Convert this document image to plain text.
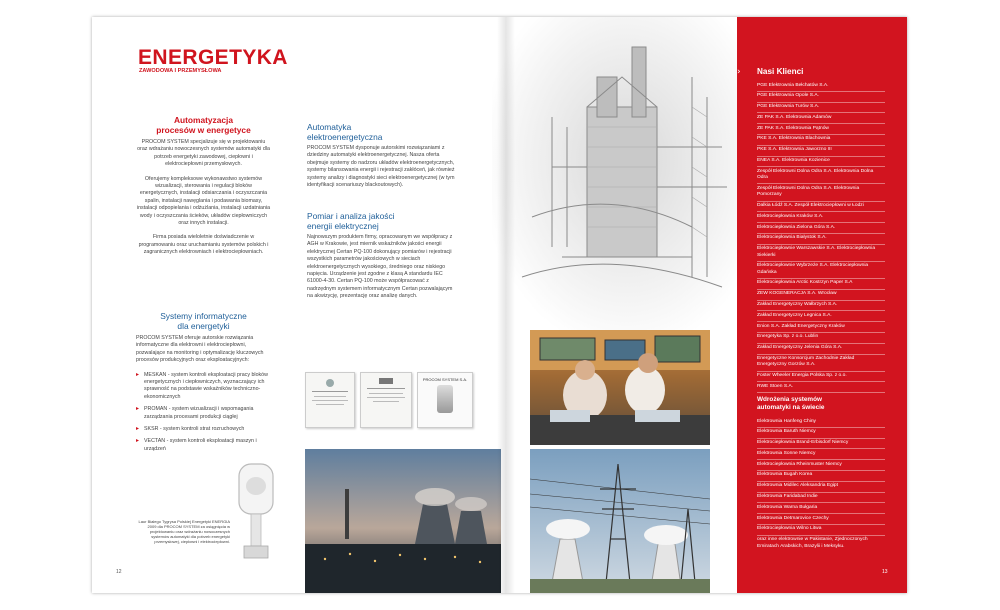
ENERGETYKA
ZAWODOWA I PRZEMYSŁOWA
Automatyzacja
procesów w energetyce

PROCOM SYSTEM specjalizuje się w projektowaniu oraz wdrażaniu nowoczesnych systemów automatyki dla potrzeb energetyki zawodowej, ciepłowni i elektrociepłowni przemysłowych.

Oferujemy kompleksowe wykonawstwo systemów wizualizacji, sterowania i regulacji bloków energetycznych, instalacji odsiarczania i oczyszczania spalin, instalacji nawęglania i podawania biomasy, instalacji odpopielania i odżużlania, instalacji uzdatniania wody i oczyszczania ścieków, układów ciepłowniczych oraz innych instalacji.

Firma posiada wieloletnie doświadczenie w programowaniu oraz uruchamianiu systemów polskich i zagranicznych elektrowniach i elektrociepłowniach.

Systemy informatyczne
dla energetyki

PROCOM SYSTEM oferuje autorskie rozwiązania informatyczne dla elektrowni i elektrociepłowni, pozwalające na monitoring i optymalizację kluczowych procesów produkcyjnych oraz eksploatacyjnych:

▸ MESKAN - system kontroli eksploatacji pracy bloków energetycznych i ciepłowniczych, wyznaczający ich sprawność na podstawie wskaźników techniczno-ekonomicznych
▸ PROMAN - system wizualizacji i wspomagania zarządzania procesami produkcji ciągłej
▸ SKSR - system kontroli strat rozruchowych
▸ VECTAN - system kontroli eksploatacji maszyn i urządzeń
Laur Białego Tygrysa Polskiej Energetyki ENERGIA 2009 dla PROCOM SYSTEM za osiągnięcia w projektowaniu oraz wdrażaniu nowoczesnych systemów automatyki dla potrzeb energetyki przemysłowej, ciepłowni i elektrociepłowni.
12
Automatyka
elektroenergetyczna
PROCOM SYSTEM dysponuje autorskimi rozwiązaniami z dziedziny automatyki elektroenergetycznej. Nasza oferta obejmuje systemy do nadzoru układów elektroenergetycznych, systemy bilansowania energii i rejestracji zakłóceń, jak również systemy analizy i diagnostyki sieci elektroenergetycznej (w tym identyfikacji scenariuszy blackoutowych).
Pomiar i analiza jakości
energii elektrycznej
Najnowszym produktem firmy, opracowanym we współpracy z AGH w Krakowie, jest miernik wskaźników jakości energii elektrycznej Certan PQ-100 dokonujący pomiarów i rejestracji wszystkich parametrów jakościowych w sieciach elektroenergetycznych wysokiego, średniego oraz niskiego napięcia. Urządzenie jest zgodne z klasą A standardu IEC 61000-4-30. Certan PQ-100 może współpracować z nadrzędnym systemem informatycznym Certan pozwalającym na akwizycję, prezentację oraz analizę danych.
PROCOM SYSTEM S.A.
› Nasi Klienci
PGE Elektrownia Bełchatów S.A.
PGE Elektrownia Opole S.A.
PGE Elektrownia Turów S.A.
ZE PAK S.A. Elektrownia Adamów
ZE PAK S.A. Elektrownia Pątnów
PKE S.A. Elektrownia Blachownia
PKE S.A. Elektrownia Jaworzno III
ENEA S.A. Elektrownia Kozienice
Zespół Elektrowni Dolna Odra S.A. Elektrownia Dolna Odra
Zespół Elektrowni Dolna Odra S.A. Elektrownia Pomorzany
Dalkia Łódź S.A. Zespół Elektrociepłowni w Łodzi
Elektrociepłownia Kraków S.A.
Elektrociepłownia Zielona Góra S.A.
Elektrociepłownia Białystok S.A.
Elektrociepłownie Warszawskie S.A. Elektrociepłownia Siekierki
Elektrociepłownie Wybrzeże S.A. Elektrociepłownia Gdańska
Elektrociepłownia Arctic Kostrzyn Paper S.A
ZEW KOGENERACJA S.A. Wrocław
Zakład Energetyczny Wałbrzych S.A.
Zakład Energetyczny Legnica S.A.
Enion S.A. Zakład Energetyczny Kraków
Energetyka Sp. z o.o. Lublin
Zakład Energetyczny Jelenia Góra S.A.
Energetyczne Konsorcjum Zachodnie Zakład Energetyczny Gorzów S.A.
Foster Wheeler Energia Polska Sp. z o.o.
RWE Stoen S.A.
Wdrożenia systemów
automatyki na świecie
Elektrownia Hanfeng Chiny
Elektrownia Baruth Niemcy
Elektrociepłownia Brand-Erbisdorf Niemcy
Elektrownia Sonne Niemcy
Elektrociepłownia Rheinmuster Niemcy
Elektrownia Bugah Korea
Elektrownia Midilec Aleksandria Egipt
Elektrownia Faridabad Indie
Elektrownia Warna Bułgaria
Elektrownia Detmarovice Czechy
Elektrociepłownia Wilno Litwa
oraz inne elektrownie w Pakistanie, Zjednoczonych Emiratach Arabskich, Brazylii i Meksyku.
13
